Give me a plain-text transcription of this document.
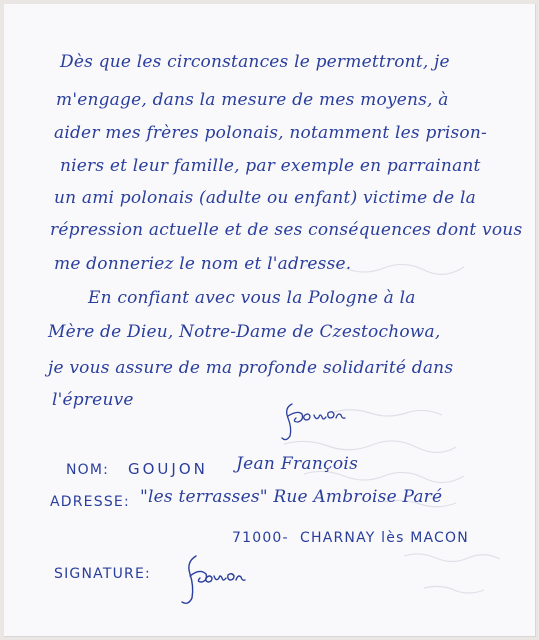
Dès que les circonstances le permettront, je
m'engage, dans la mesure de mes moyens, à
aider mes frères polonais, notamment les prison-
niers et leur famille, par exemple en parrainant
un ami polonais (adulte ou enfant) victime de la
répression actuelle et de ses conséquences dont vous
me donneriez le nom et l'adresse.
En confiant avec vous la Pologne à la
Mère de Dieu, Notre-Dame de Czestochowa,
je vous assure de ma profonde solidarité dans
l'épreuve
NOM: GOUJON Jean François
ADRESSE: "les terrasses" Rue Ambroise Paré
71000- CHARNAY lès MACON
SIGNATURE:
